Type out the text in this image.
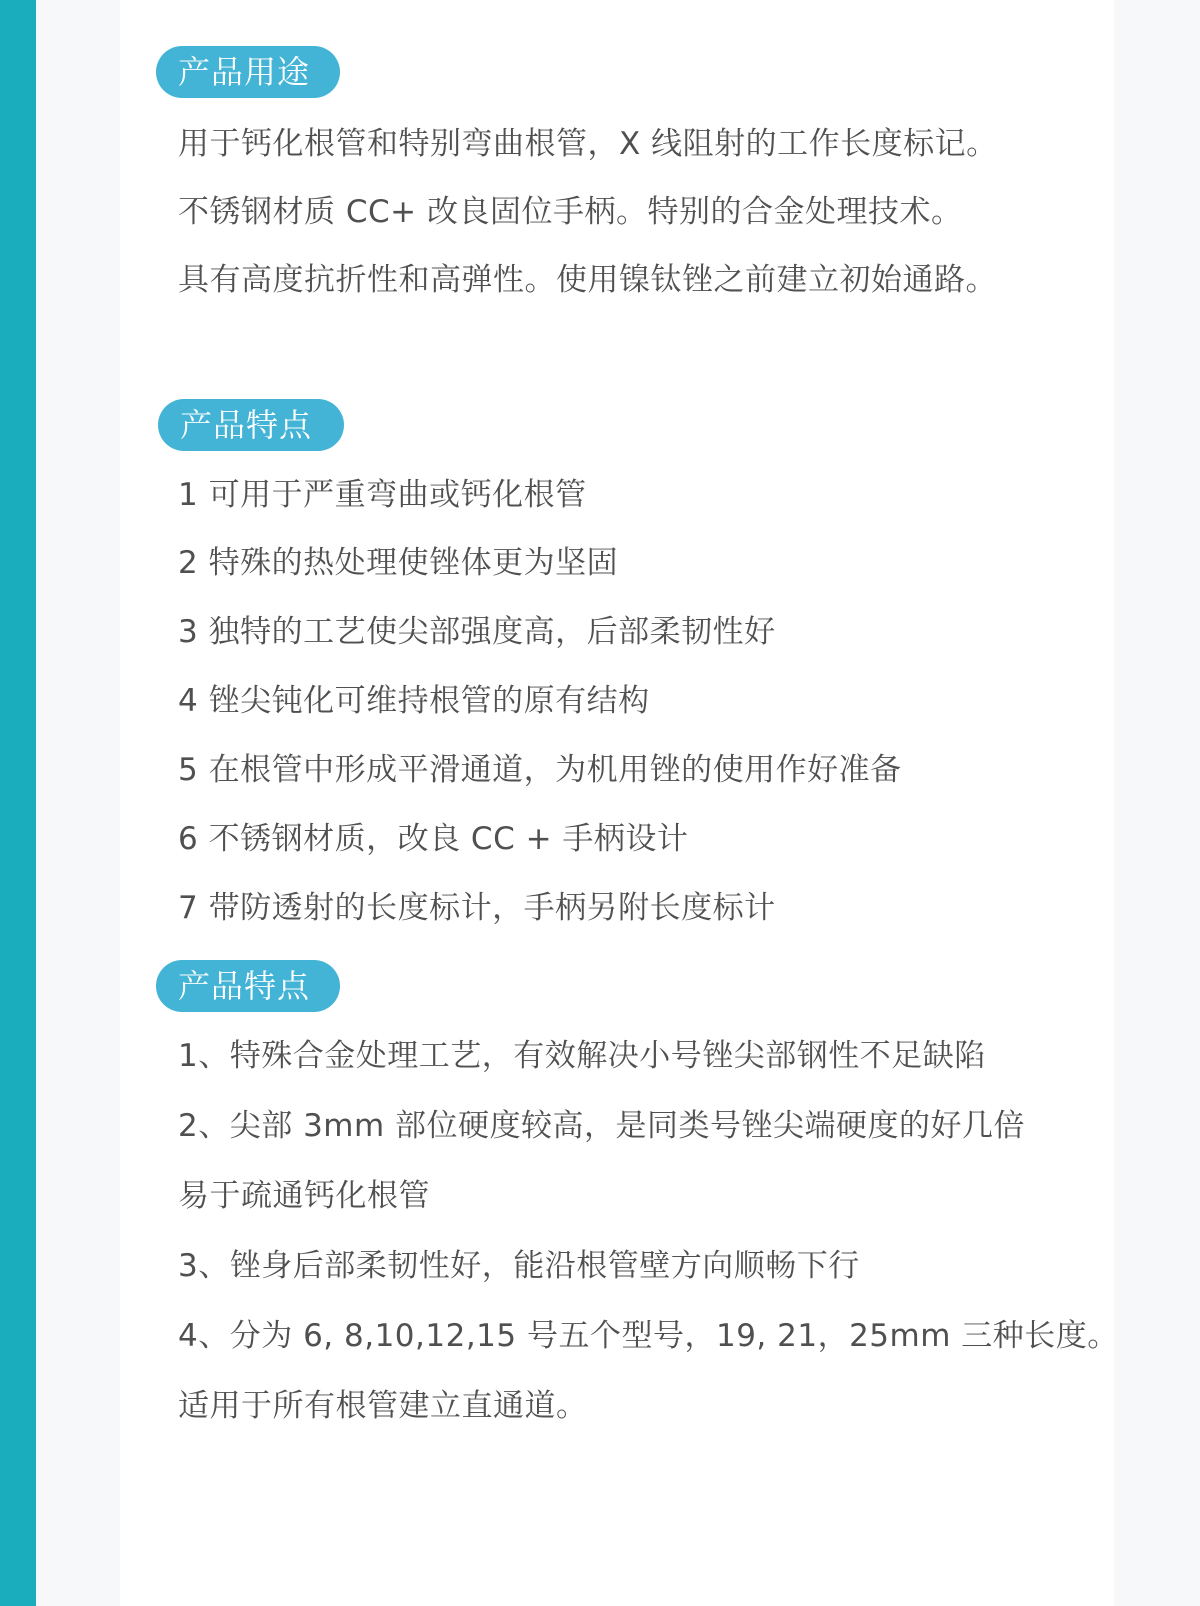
产品用途
用于钙化根管和特别弯曲根管，X 线阻射的工作长度标记。
不锈钢材质 CC+ 改良固位手柄。特别的合金处理技术。
具有高度抗折性和高弹性。使用镍钛锉之前建立初始通路。
产品特点
1 可用于严重弯曲或钙化根管
2 特殊的热处理使锉体更为坚固
3 独特的工艺使尖部强度高，后部柔韧性好
4 锉尖钝化可维持根管的原有结构
5 在根管中形成平滑通道，为机用锉的使用作好准备
6 不锈钢材质，改良 CC + 手柄设计
7 带防透射的长度标计，手柄另附长度标计
产品特点
1、特殊合金处理工艺，有效解决小号锉尖部钢性不足缺陷
2、尖部 3mm 部位硬度较高，是同类号锉尖端硬度的好几倍
易于疏通钙化根管
3、锉身后部柔韧性好，能沿根管壁方向顺畅下行
4、分为 6, 8,10,12,15 号五个型号，19, 21，25mm 三种长度。
适用于所有根管建立直通道。
